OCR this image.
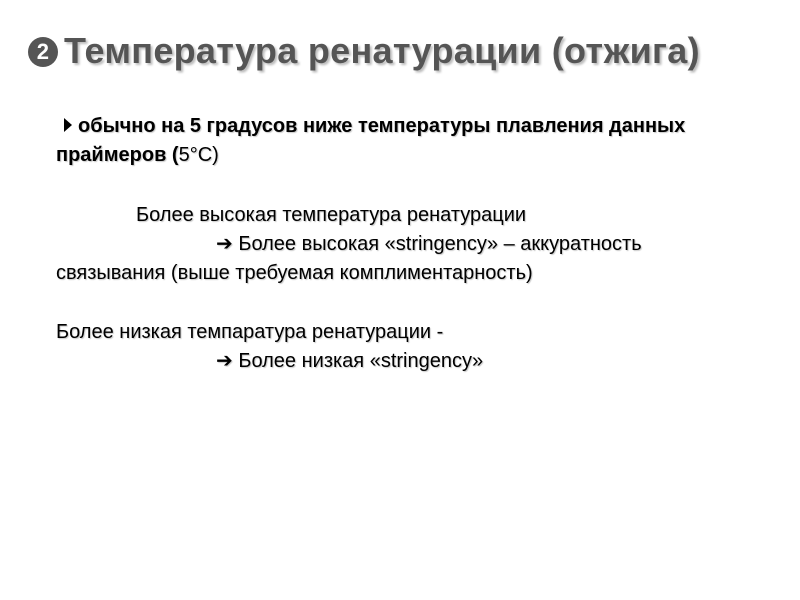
2 Температура ренатурации (отжига)

обычно на 5 градусов ниже температуры плавления данных праймеров (5°C)

Более высокая температура ренатурации
➔ Более высокая «stringency» – аккуратность связывания (выше требуемая комплиментарность)

Более низкая темпаратура ренатурации -
➔ Более низкая «stringency»
